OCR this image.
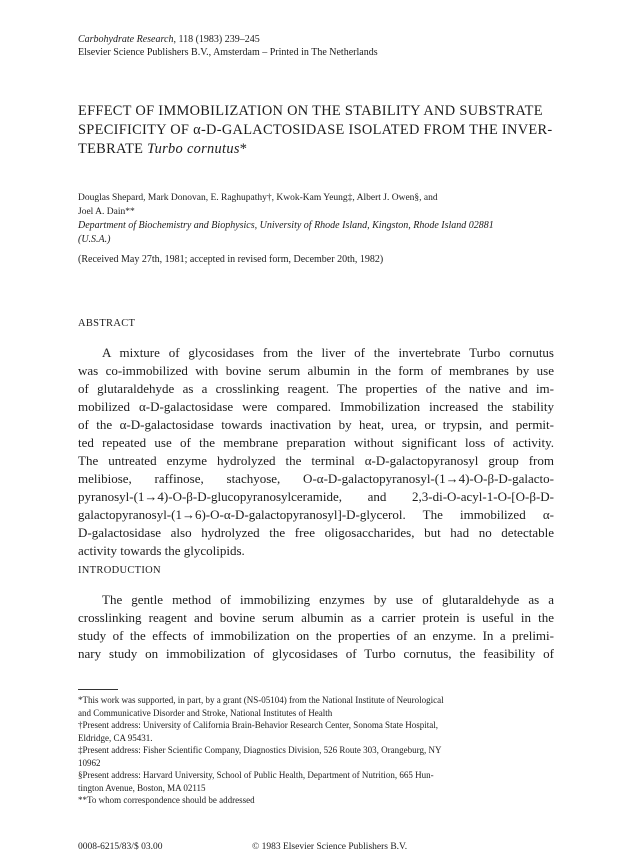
Carbohydrate Research, 118 (1983) 239–245
Elsevier Science Publishers B.V., Amsterdam – Printed in The Netherlands
EFFECT OF IMMOBILIZATION ON THE STABILITY AND SUBSTRATE
SPECIFICITY OF α-D-GALACTOSIDASE ISOLATED FROM THE INVER-
TEBRATE Turbo cornutus*
Douglas Shepard, Mark Donovan, E. Raghupathy†, Kwok-Kam Yeung‡, Albert J. Owen§, and
Joel A. Dain**
Department of Biochemistry and Biophysics, University of Rhode Island, Kingston, Rhode Island 02881
(U.S.A.)
(Received May 27th, 1981; accepted in revised form, December 20th, 1982)
ABSTRACT
A mixture of glycosidases from the liver of the invertebrate Turbo cornutus
was co-immobilized with bovine serum albumin in the form of membranes by use
of glutaraldehyde as a crosslinking reagent. The properties of the native and im-
mobilized α-D-galactosidase were compared. Immobilization increased the stability
of the α-D-galactosidase towards inactivation by heat, urea, or trypsin, and permit-
ted repeated use of the membrane preparation without significant loss of activity.
The untreated enzyme hydrolyzed the terminal α-D-galactopyranosyl group from
melibiose, raffinose, stachyose, O-α-D-galactopyranosyl-(1→4)-O-β-D-galacto-
pyranosyl-(1→4)-O-β-D-glucopyranosylceramide, and 2,3-di-O-acyl-1-O-[O-β-D-
galactopyranosyl-(1→6)-O-α-D-galactopyranosyl]-D-glycerol. The immobilized α-
D-galactosidase also hydrolyzed the free oligosaccharides, but had no detectable
activity towards the glycolipids.
INTRODUCTION
The gentle method of immobilizing enzymes by use of glutaraldehyde as a
crosslinking reagent and bovine serum albumin as a carrier protein is useful in the
study of the effects of immobilization on the properties of an enzyme. In a prelimi-
nary study on immobilization of glycosidases of Turbo cornutus, the feasibility of
*This work was supported, in part, by a grant (NS-05104) from the National Institute of Neurological
and Communicative Disorder and Stroke, National Institutes of Health
†Present address: University of California Brain-Behavior Research Center, Sonoma State Hospital,
Eldridge, CA 95431.
‡Present address: Fisher Scientific Company, Diagnostics Division, 526 Route 303, Orangeburg, NY
10962
§Present address: Harvard University, School of Public Health, Department of Nutrition, 665 Hun-
tington Avenue, Boston, MA 02115
**To whom correspondence should be addressed
0008-6215/83/$ 03.00	© 1983 Elsevier Science Publishers B.V.
